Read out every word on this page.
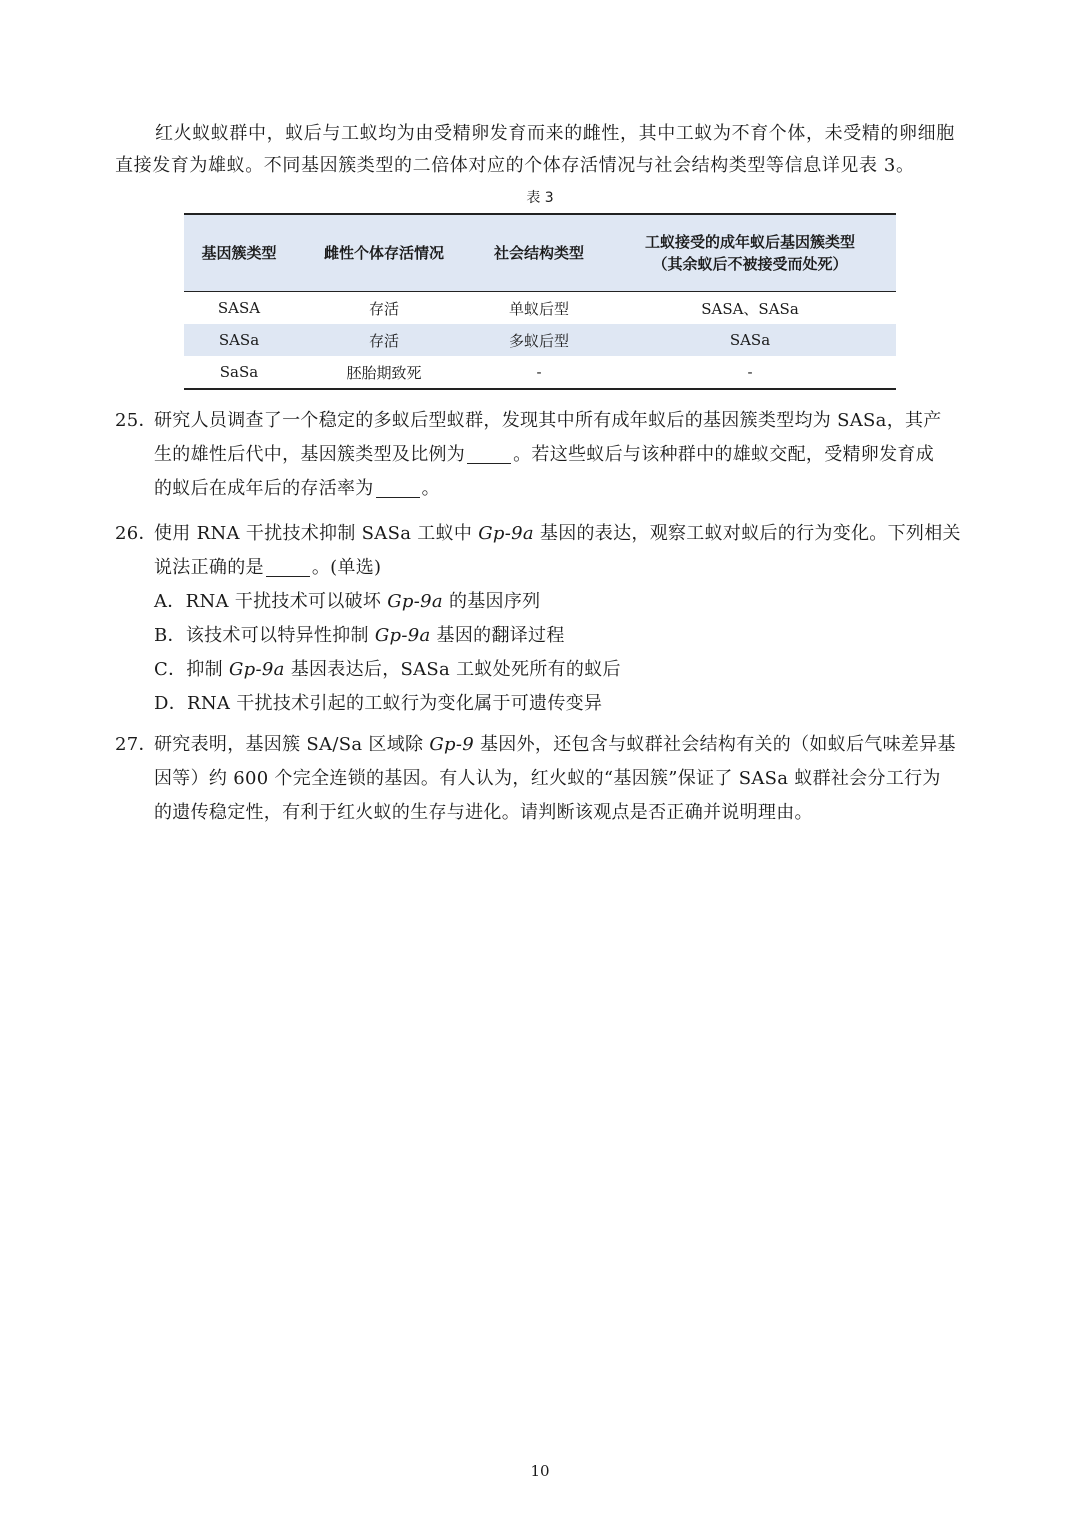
红火蚁蚁群中，蚁后与工蚁均为由受精卵发育而来的雌性，其中工蚁为不育个体，未受精的卵细胞直接发育为雄蚁。不同基因簇类型的二倍体对应的个体存活情况与社会结构类型等信息详见表 3。
表 3
基因簇类型	雌性个体存活情况	社会结构类型	工蚁接受的成年蚁后基因簇类型
（其余蚁后不被接受而处死）
SASA	存活	单蚁后型	SASA、SASa
SASa	存活	多蚁后型	SASa
SaSa	胚胎期致死	-	-
25．研究人员调查了一个稳定的多蚁后型蚁群，发现其中所有成年蚁后的基因簇类型均为 SASa，其产
生的雄性后代中，基因簇类型及比例为	。若这些蚁后与该种群中的雄蚁交配，受精卵发育成
的蚁后在成年后的存活率为	。
26．使用 RNA 干扰技术抑制 SASa 工蚁中 Gp-9a 基因的表达，观察工蚁对蚁后的行为变化。下列相关
说法正确的是	。(单选)
A．RNA 干扰技术可以破坏 Gp-9a 的基因序列
B．该技术可以特异性抑制 Gp-9a 基因的翻译过程
C．抑制 Gp-9a 基因表达后，SASa 工蚁处死所有的蚁后
D．RNA 干扰技术引起的工蚁行为变化属于可遗传变异
27．研究表明，基因簇 SA/Sa 区域除 Gp-9 基因外，还包含与蚁群社会结构有关的（如蚁后气味差异基
因等）约 600 个完全连锁的基因。有人认为，红火蚁的“基因簇”保证了 SASa 蚁群社会分工行为
的遗传稳定性，有利于红火蚁的生存与进化。请判断该观点是否正确并说明理由。
10
